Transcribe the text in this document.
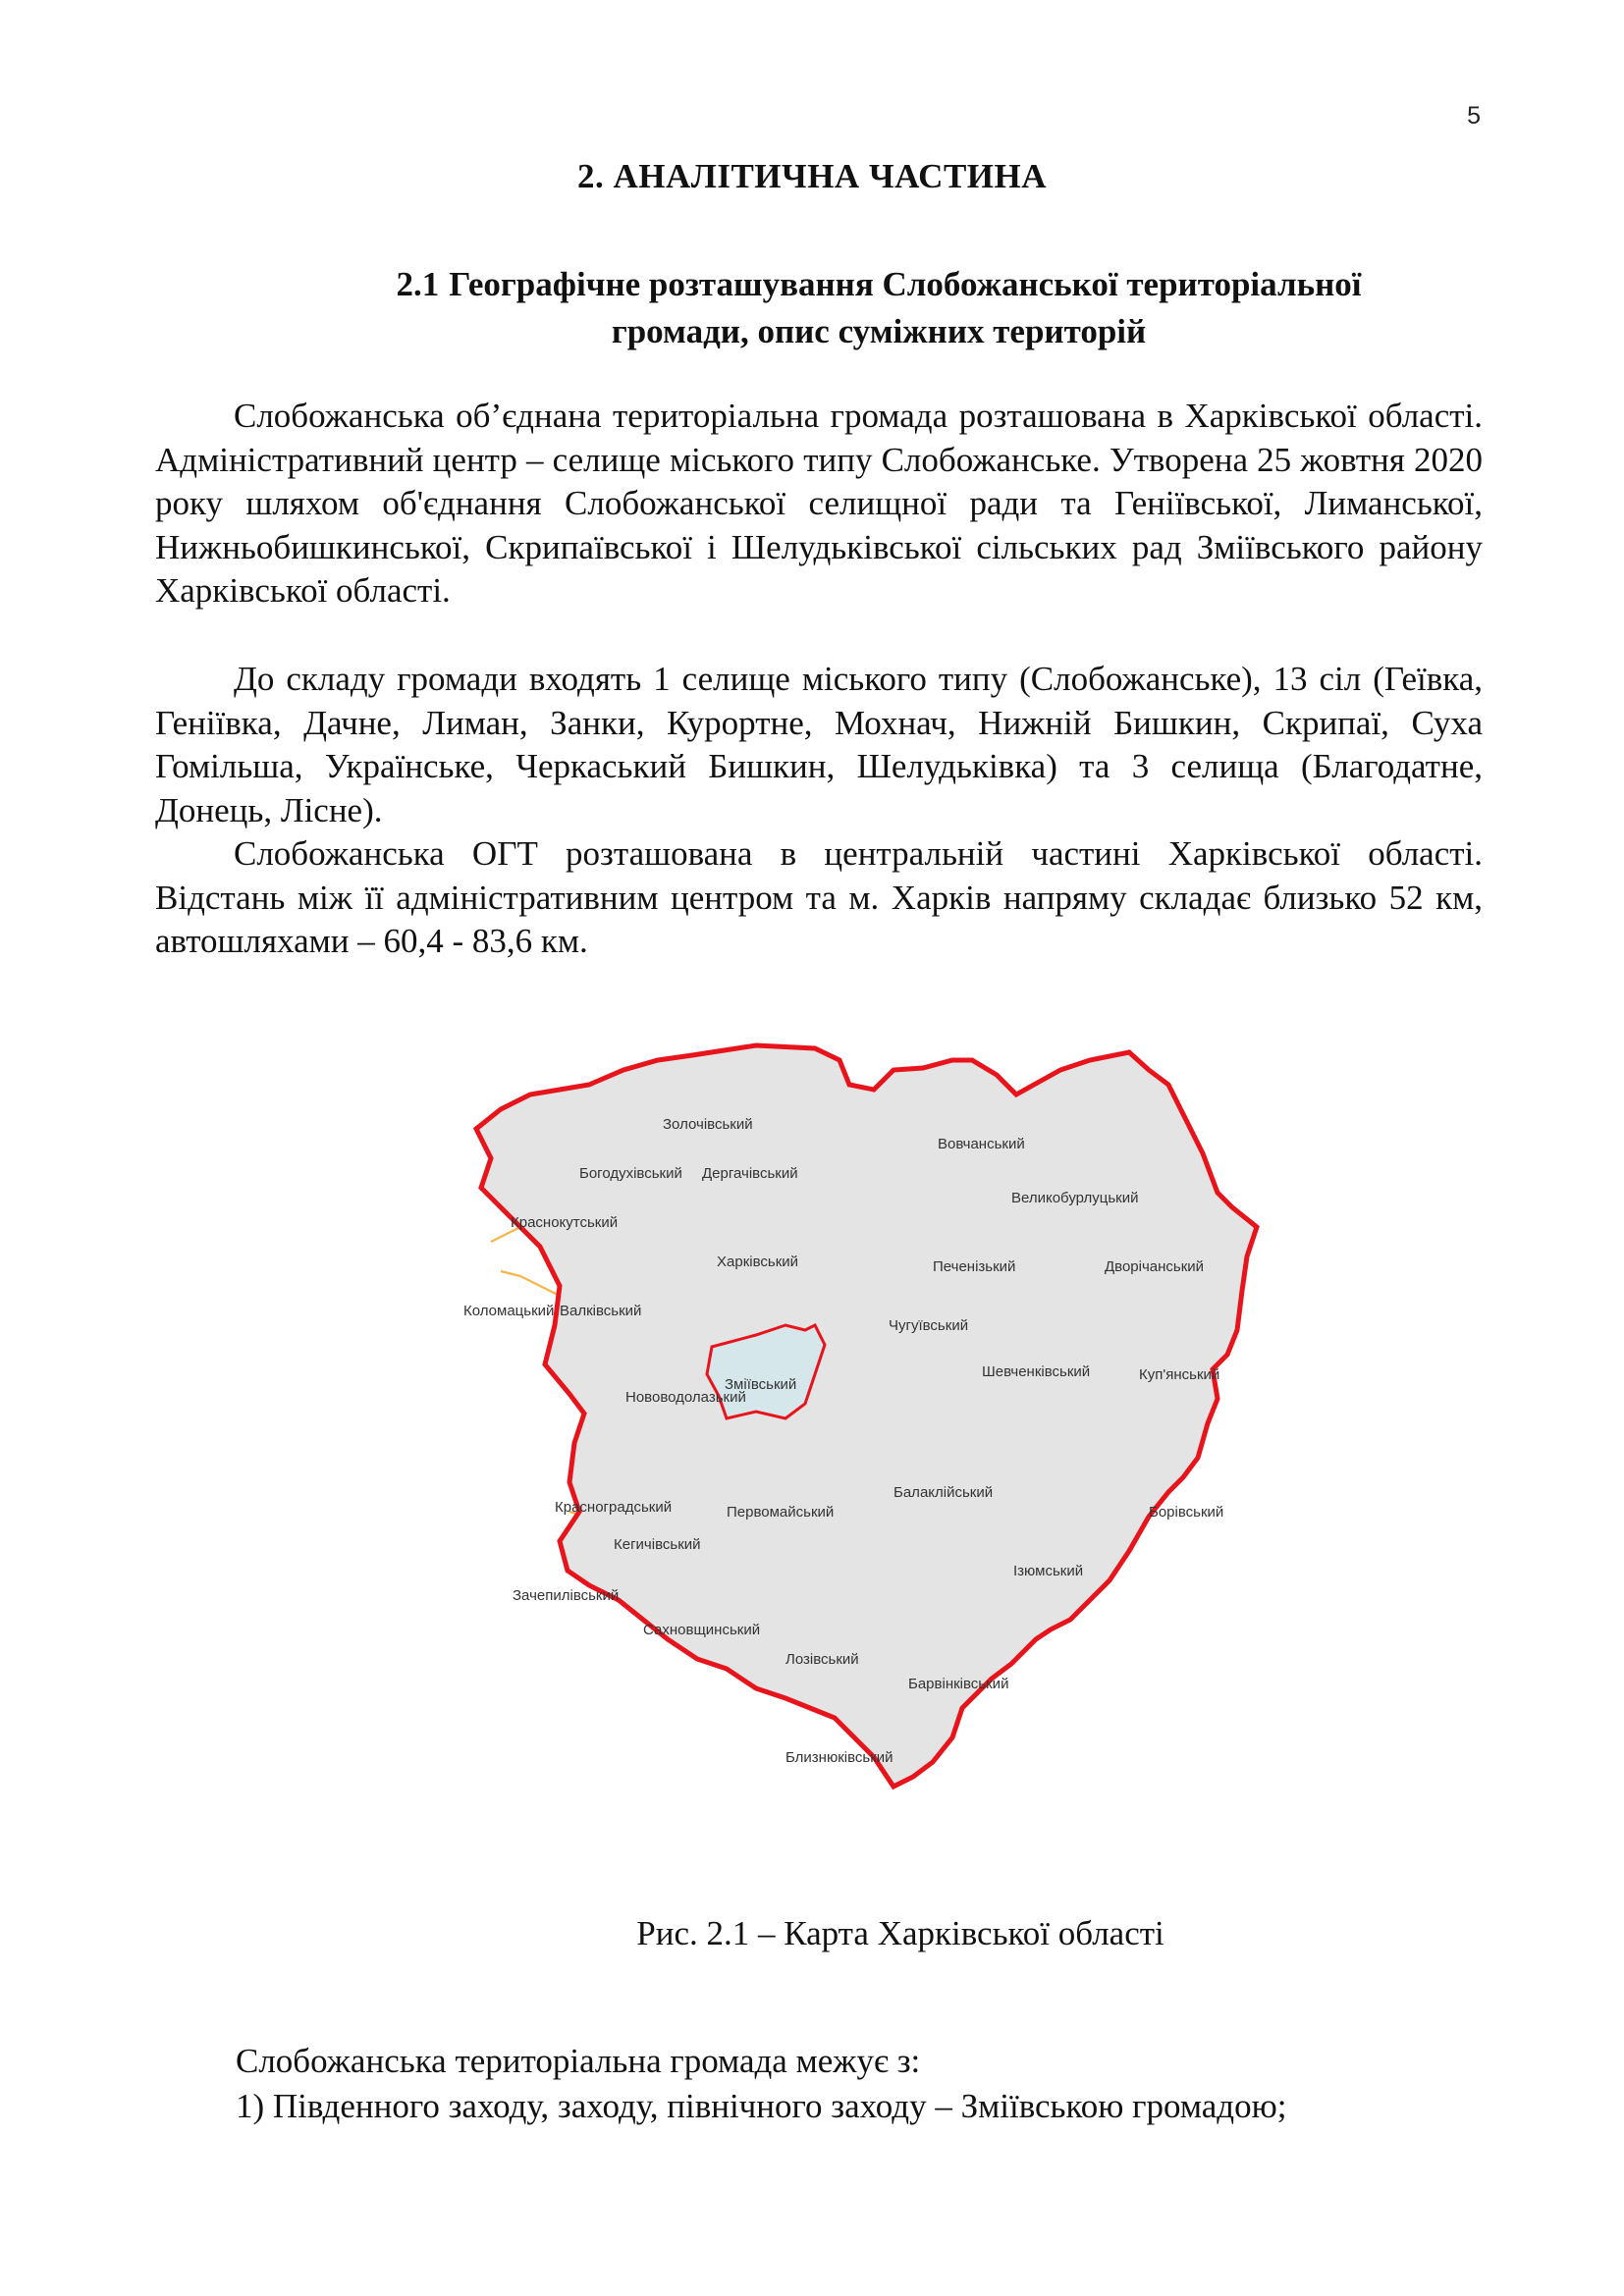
5
2. АНАЛІТИЧНА ЧАСТИНА
2.1 Географічне розташування Слобожанської територіальної
громади, опис суміжних територій
Слобожанська об’єднана територіальна громада розташована в Харківської області. Адміністративний центр – селище міського типу Слобожанське. Утворена 25 жовтня 2020 року шляхом об'єднання Слобожанської селищної ради та Геніївської, Лиманської, Нижньобишкинської, Скрипаївської і Шелудьківської сільських рад Зміївського району Харківської області.
До складу громади входять 1 селище міського типу (Слобожанське), 13 сіл (Геївка, Геніївка, Дачне, Лиман, Занки, Курортне, Мохнач, Нижній Бишкин, Скрипаї, Суха Гомільша, Українське, Черкаський Бишкин, Шелудьківка) та 3 селища (Благодатне, Донець, Лісне).
Слобожанська ОГТ розташована в центральній частині Харківської області. Відстань між її адміністративним центром та м. Харків напряму складає близько 52 км, автошляхами – 60,4 - 83,6 км.
Золочівський
Богодухівський Дергачівський
Вовчанський
Великобурлуцький
Краснокутський
Харківський	Печенізький	Дворічанський
Коломацький Валківський
Чугуївський
Зміївський
Нововодолазький
Шевченківський	Куп'янський
Красноградський	Первомайський
Балаклійський
Борівський
Кегичівський
Ізюмський
Зачепилівський
Сахновщинський
Лозівський
Барвінківський
Близнюківський
Рис. 2.1 – Карта Харківської області
Слобожанська територіальна громада межує з:
1) Південного заходу, заходу, північного заходу – Зміївською громадою;
